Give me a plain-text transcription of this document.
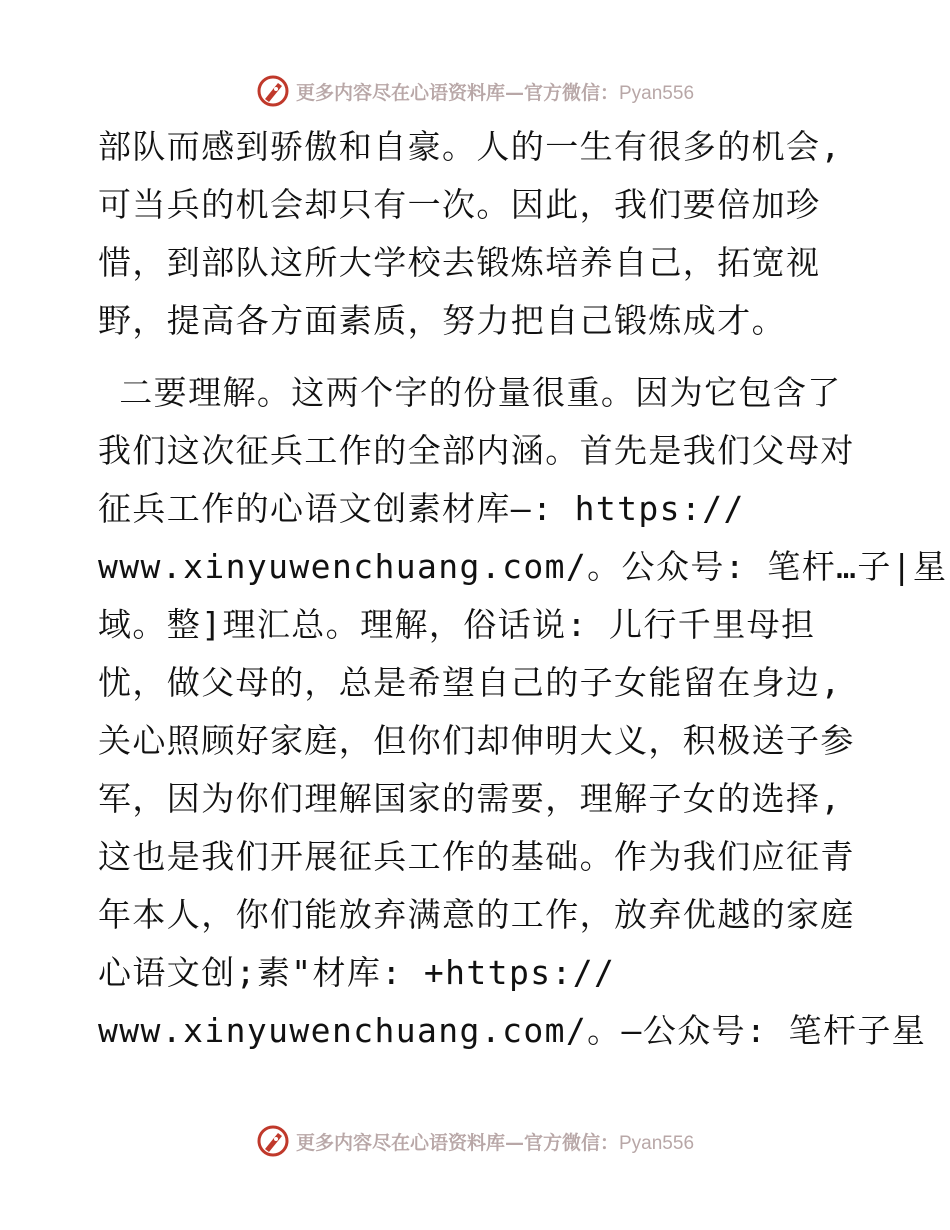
更多内容尽在心语资料库—官方微信：Pyan556
部队而感到骄傲和自豪。人的一生有很多的机会,
可当兵的机会却只有一次。因此，我们要倍加珍
惜，到部队这所大学校去锻炼培养自己，拓宽视
野，提高各方面素质，努力把自己锻炼成才。
二要理解。这两个字的份量很重。因为它包含了
我们这次征兵工作的全部内涵。首先是我们父母对
征兵工作的心语文创素材库—: https://
www.xinyuwenchuang.com/。公众号: 笔杆…子|星
域。整]理汇总。理解，俗话说: 儿行千里母担
忧，做父母的，总是希望自己的子女能留在身边,
关心照顾好家庭，但你们却伸明大义，积极送子参
军，因为你们理解国家的需要，理解子女的选择,
这也是我们开展征兵工作的基础。作为我们应征青
年本人，你们能放弃满意的工作，放弃优越的家庭
心语文创;素"材库: +https://
www.xinyuwenchuang.com/。—公众号: 笔杆子星
更多内容尽在心语资料库—官方微信：Pyan556
